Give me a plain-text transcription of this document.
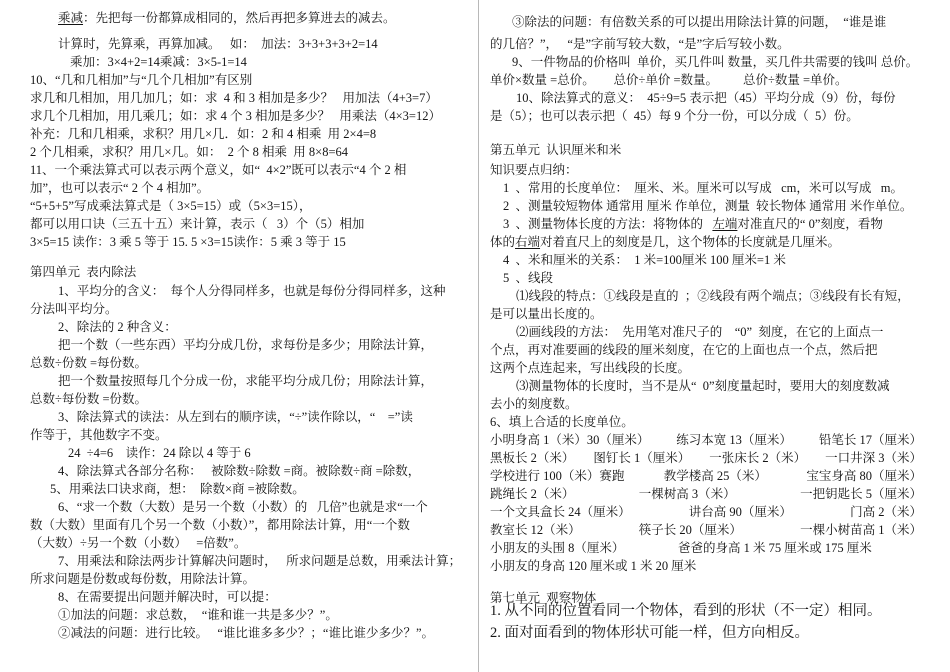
乘减：先把每一份都算成相同的，然后再把多算进去的减去。
计算时，先算乘，再算加减。   如：  加法：3+3+3+3+2=14
乘加：3×4+2=14乘减：3×5-1=14
10、“几和几相加”与“几个几相加”有区别
求几和几相加，用几加几；如：求  4 和 3 相加是多少？   用加法（4+3=7）
求几个几相加，用几乘几；如：求 4 个 3 相加是多少？   用乘法（4×3=12）
补充：几和几相乘，求积？用几×几．如：2 和 4 相乘  用 2×4=8
2 个几相乘，求积？用几×几。如：  2 个 8 相乘  用 8×8=64
11、一个乘法算式可以表示两个意义，如“  4×2”既可以表示“4 个 2 相
加”，也可以表示“ 2 个 4 相加”。
“5+5+5”写成乘法算式是（ 3×5=15）或（5×3=15），
都可以用口诀（三五十五）来计算，表示（   3）个（5）相加
3×5=15 读作：3 乘 5 等于 15. 5 ×3=15读作：5 乘 3 等于 15
第四单元  表内除法
1、平均分的含义：  每个人分得同样多，也就是每份分得同样多，这种
分法叫平均分。
2、除法的 2 种含义：
把一个数（一些东西）平均分成几份，求每份是多少；用除法计算，
总数÷份数 =每份数。
把一个数量按照每几个分成一份，求能平均分成几份；用除法计算，
总数÷每份数 =份数。
3、除法算式的读法：从左到右的顺序读，“÷”读作除以，“    =”读
作等于，其他数字不变。
24  ÷4=6    读作：24 除以 4 等于 6
4、除法算式各部分名称：   被除数÷除数 =商。被除数÷商 =除数，
5、用乘法口诀求商，想：  除数×商 =被除数。
6、“求一个数（大数）是另一个数（小数）的   几倍”也就是求“一个
数（大数）里面有几个另一个数（小数）”，都用除法计算，用“一个数
（大数）÷另一个数（小数）   =倍数”。
7、用乘法和除法两步计算解决问题时，   所求问题是总数，用乘法计算；
所求问题是份数或每份数，用除法计算。
8、在需要提出问题并解决时，可以提：
①加法的问题：求总数，  “谁和谁一共是多少？”。
②减法的问题：进行比较。   “谁比谁多多少？；“谁比谁少多少？”。
③除法的问题：有倍数关系的可以提出用除法计算的问题，  “谁是谁
的几倍？”，   “是”字前写较大数，“是”字后写较小数。
9、一件物品的价格叫  单价，买几件叫 数量，买几件共需要的钱叫 总价。
单价×数量 =总价。      总价÷单价 =数量。        总价÷数量 =单价。
10、除法算式的意义：  45÷9=5 表示把（45）平均分成（9）份，每份
是（5）；也可以表示把（  45）每 9 个分一份，可以分成（  5）份。
第五单元  认识厘米和米
知识要点归纳：
1  、常用的长度单位：  厘米、米。厘米可以写成   cm，米可以写成   m。
2  、测量较短物体 通常用 厘米 作单位，测量  较长物体 通常用 米作单位。
3  、测量物体长度的方法：将物体的   左端对准直尺的“ 0”刻度，看物
体的右端对着直尺上的刻度是几，这个物体的长度就是几厘米。
4  、米和厘米的关系：  1 米=100厘米 100 厘米=1 米
5  、线段
⑴线段的特点：①线段是直的  ；②线段有两个端点；③线段有长有短，
是可以量出长度的。
⑵画线段的方法：  先用笔对准尺子的    “0”  刻度，在它的上面点一
个点，再对准要画的线段的厘米刻度，在它的上面也点一个点，然后把
这两个点连起来，写出线段的长度。
⑶测量物体的长度时，当不是从“  0”刻度量起时，要用大的刻度数减
去小的刻度数。
6、填上合适的长度单位。
小明身高 1（米）30（厘米） 练习本宽 13（厘米） 铅笔长 17（厘米）
黑板长 2（米） 图钉长 1（厘米） 一张床长 2（米） 一口井深 3（米）
学校进行 100（米）赛跑	教学楼高 25（米）	宝宝身高 80（厘米）
跳绳长 2（米）	一棵树高 3（米）	一把钥匙长 5（厘米）
一个文具盒长 24（厘米）	讲台高 90（厘米）	门高 2（米）
教室长 12（米）	筷子长 20（厘米）	一棵小树苗高 1（米）
小朋友的头围 8（厘米）	爸爸的身高 1 米 75 厘米或 175 厘米
小朋友的身高 120 厘米或 1 米 20 厘米
第七单元  观察物体
1. 从不同的位置看同一个物体，看到的形状（不一定）相同。
2. 面对面看到的物体形状可能一样，但方向相反。
